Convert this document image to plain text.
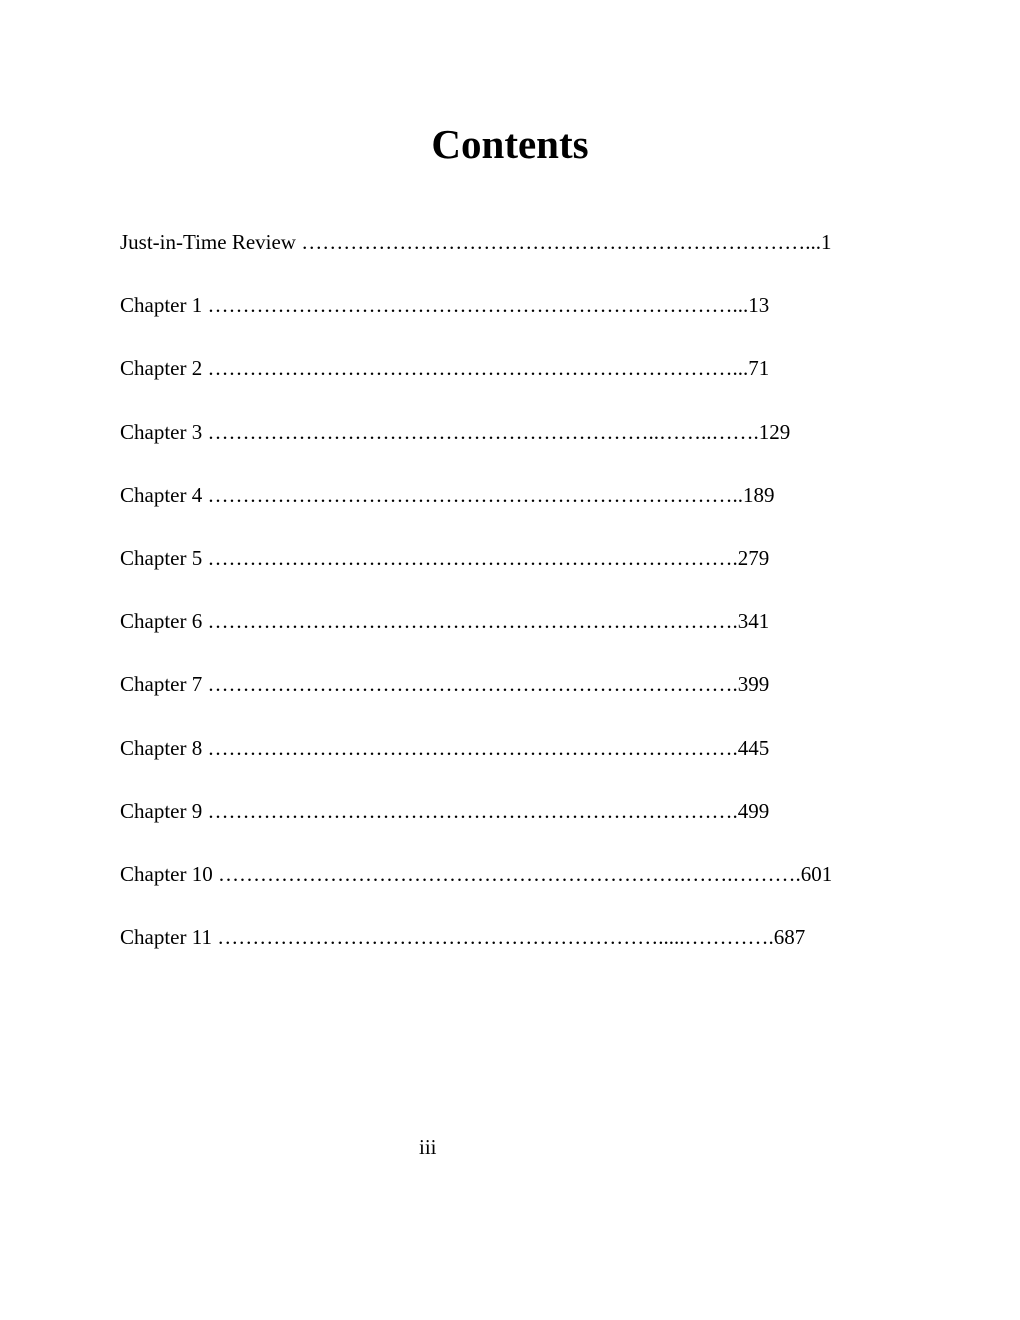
Contents
Just-in-Time Review ………………………………………………………………...1
Chapter 1 …………………………………………………………………...13
Chapter 2 …………………………………………………………………...71
Chapter 3 ………………………………………………………..……..…….129
Chapter 4 …………………………………………………………………..189
Chapter 5 ………………………………………………………………….279
Chapter 6 ………………………………………………………………….341
Chapter 7 ………………………………………………………………….399
Chapter 8 ………………………………………………………………….445
Chapter 9 ………………………………………………………………….499
Chapter 10 ………………………………………………………….…….……….601
Chapter 11 ……………………………………………………….....………….687
iii
